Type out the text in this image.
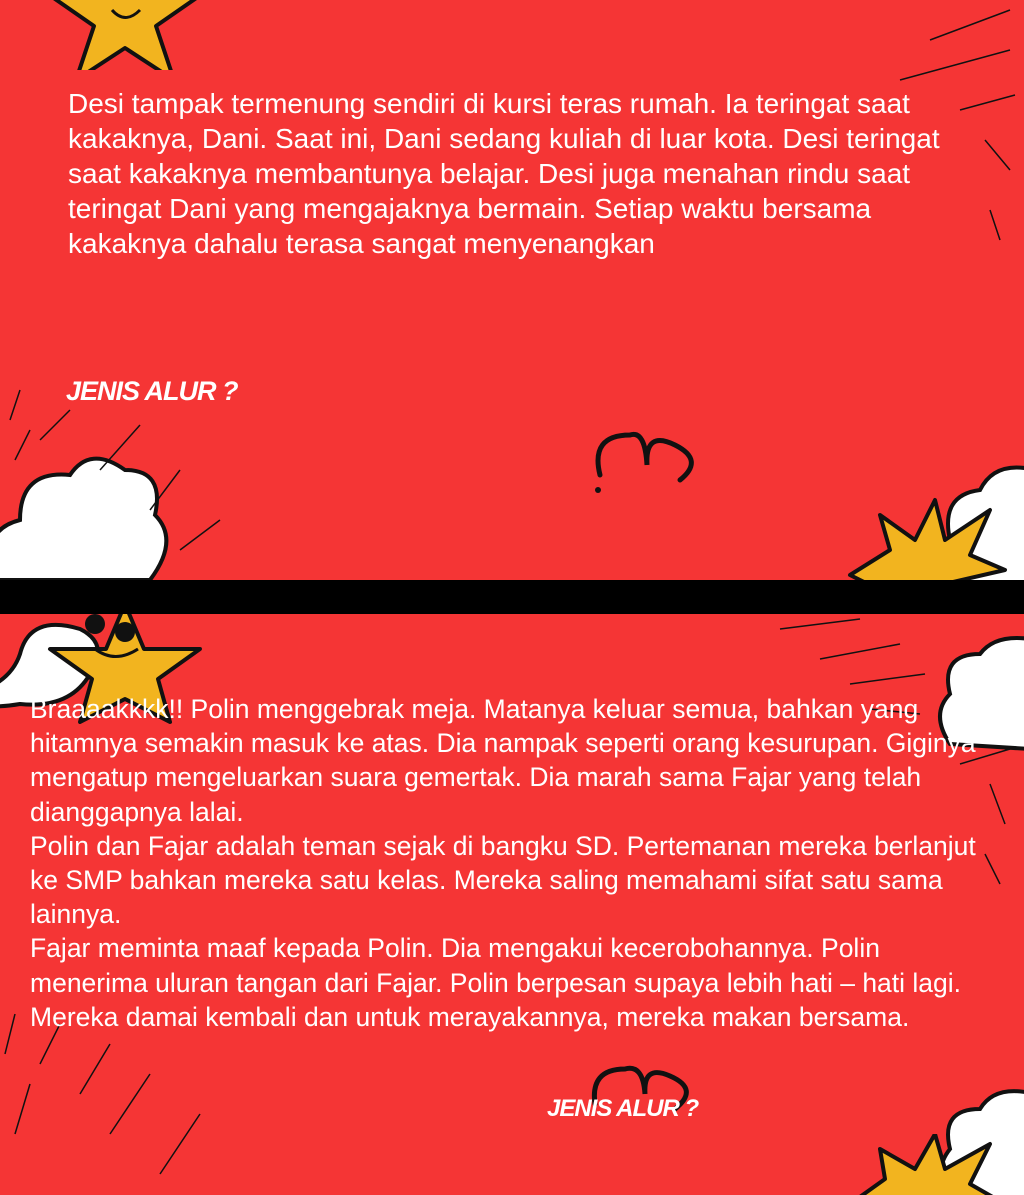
Desi tampak termenung sendiri di kursi teras rumah. Ia teringat saat kakaknya, Dani. Saat ini, Dani sedang kuliah di luar kota. Desi teringat saat kakaknya membantunya belajar. Desi juga menahan rindu saat teringat Dani yang mengajaknya bermain. Setiap waktu bersama kakaknya dahalu terasa sangat menyenangkan

JENIS ALUR ?

Braaaakkkk!! Polin menggebrak meja. Matanya keluar semua, bahkan yang hitamnya semakin masuk ke atas. Dia nampak seperti orang kesurupan. Giginya mengatup mengeluarkan suara gemertak. Dia marah sama Fajar yang telah dianggapnya lalai.
Polin dan Fajar adalah teman sejak di bangku SD. Pertemanan mereka berlanjut ke SMP bahkan mereka satu kelas. Mereka saling memahami sifat satu sama lainnya.
Fajar meminta maaf kepada Polin. Dia mengakui kecerobohannya. Polin menerima uluran tangan dari Fajar. Polin berpesan supaya lebih hati – hati lagi. Mereka damai kembali dan untuk merayakannya, mereka makan bersama.

JENIS ALUR ?
